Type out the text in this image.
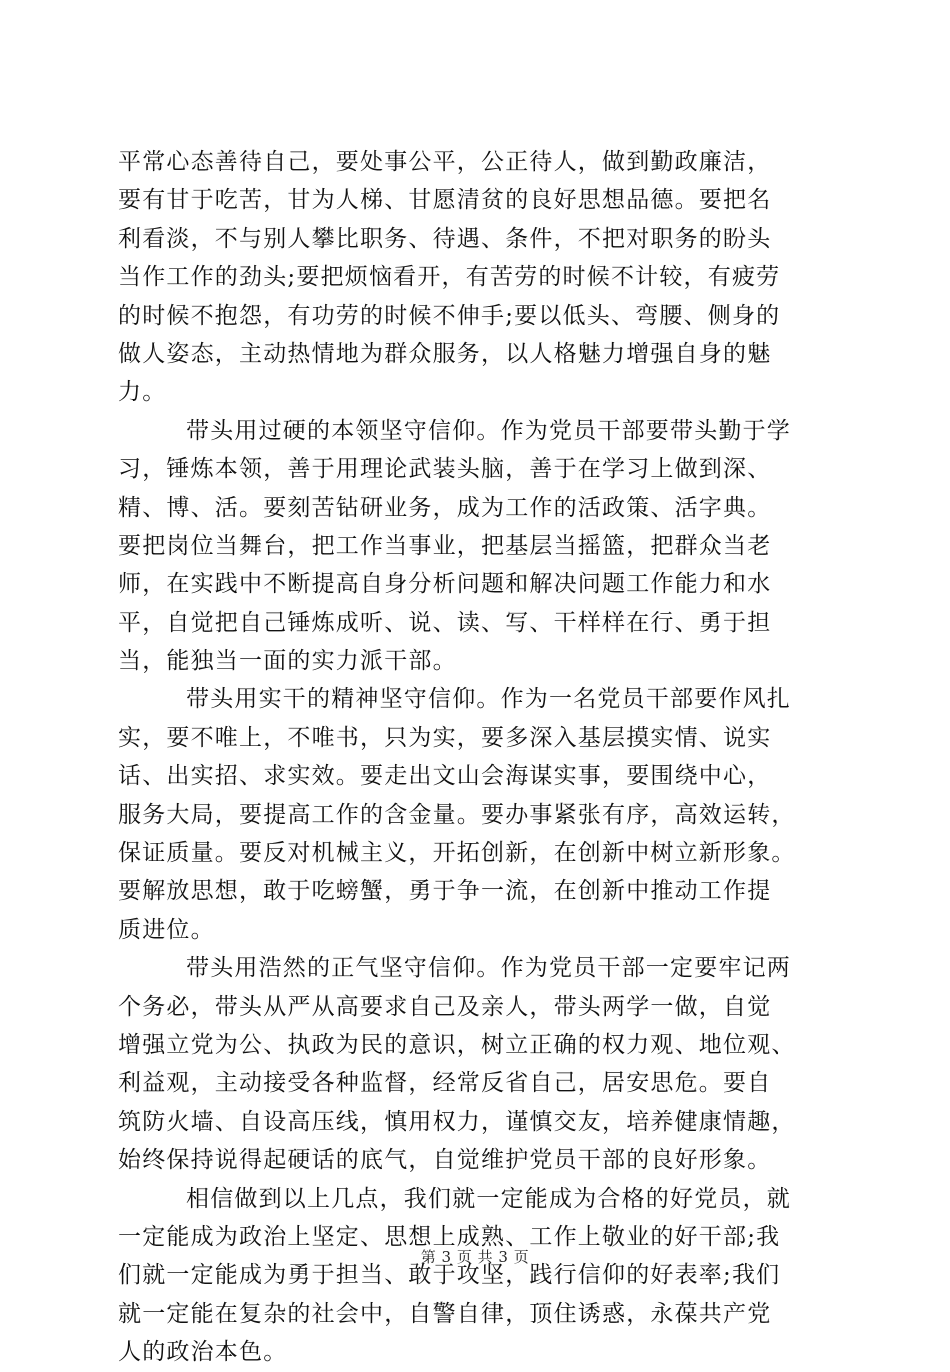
平常心态善待自己，要处事公平，公正待人，做到勤政廉洁，
要有甘于吃苦，甘为人梯、甘愿清贫的良好思想品德。要把名
利看淡，不与别人攀比职务、待遇、条件，不把对职务的盼头
当作工作的劲头;要把烦恼看开，有苦劳的时候不计较，有疲劳
的时候不抱怨，有功劳的时候不伸手;要以低头、弯腰、侧身的
做人姿态，主动热情地为群众服务，以人格魅力增强自身的魅
力。
带头用过硬的本领坚守信仰。作为党员干部要带头勤于学
习，锤炼本领，善于用理论武装头脑，善于在学习上做到深、
精、博、活。要刻苦钻研业务，成为工作的活政策、活字典。
要把岗位当舞台，把工作当事业，把基层当摇篮，把群众当老
师，在实践中不断提高自身分析问题和解决问题工作能力和水
平，自觉把自己锤炼成听、说、读、写、干样样在行、勇于担
当，能独当一面的实力派干部。
带头用实干的精神坚守信仰。作为一名党员干部要作风扎
实，要不唯上，不唯书，只为实，要多深入基层摸实情、说实
话、出实招、求实效。要走出文山会海谋实事，要围绕中心，
服务大局，要提高工作的含金量。要办事紧张有序，高效运转，
保证质量。要反对机械主义，开拓创新，在创新中树立新形象。
要解放思想，敢于吃螃蟹，勇于争一流，在创新中推动工作提
质进位。
带头用浩然的正气坚守信仰。作为党员干部一定要牢记两
个务必，带头从严从高要求自己及亲人，带头两学一做，自觉
增强立党为公、执政为民的意识，树立正确的权力观、地位观、
利益观，主动接受各种监督，经常反省自己，居安思危。要自
筑防火墙、自设高压线，慎用权力，谨慎交友，培养健康情趣，
始终保持说得起硬话的底气，自觉维护党员干部的良好形象。
相信做到以上几点，我们就一定能成为合格的好党员，就
一定能成为政治上坚定、思想上成熟、工作上敬业的好干部;我
们就一定能成为勇于担当、敢于攻坚，践行信仰的好表率;我们
就一定能在复杂的社会中，自警自律，顶住诱惑，永葆共产党
人的政治本色。
第 3 页 共 3 页
